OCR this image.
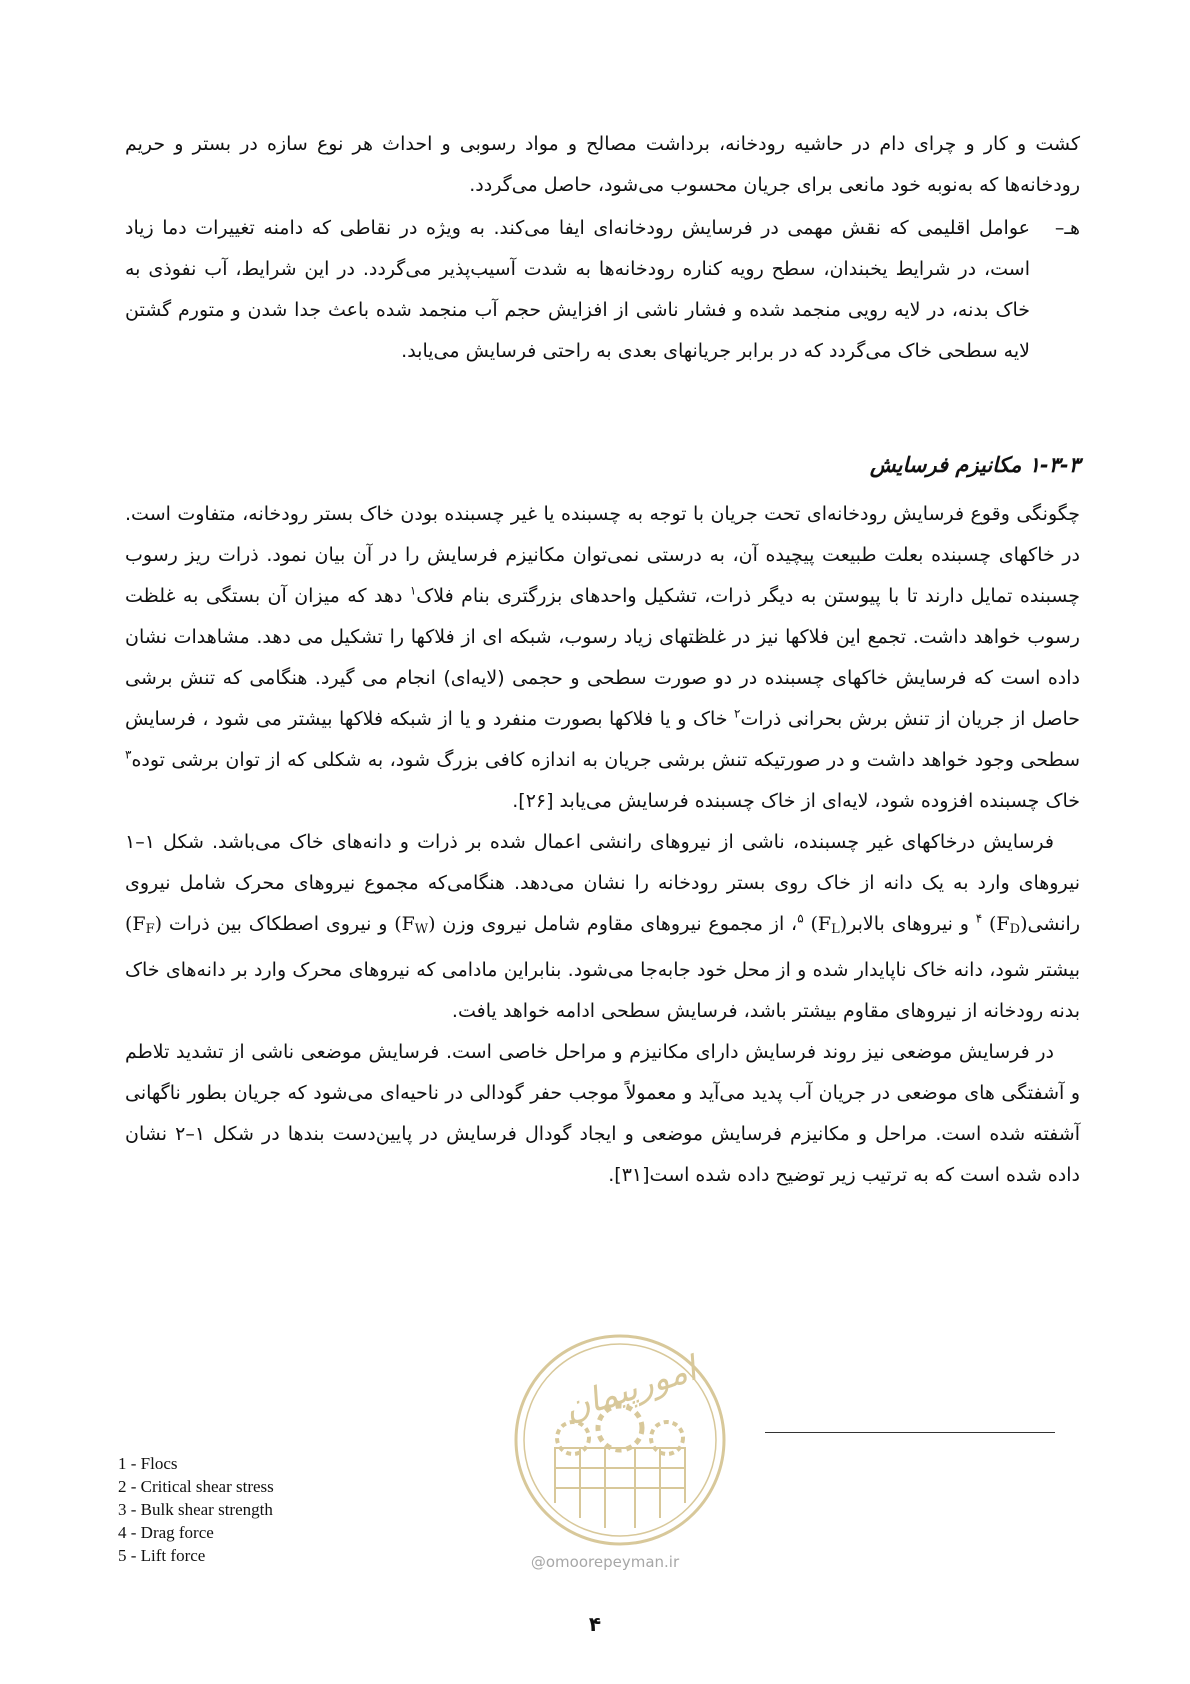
کشت و کار و چرای دام در حاشیه رودخانه، برداشت مصالح و مواد رسوبی و احداث هر نوع سازه در بستر و حریم رودخانه‌ها که به‌نوبه خود مانعی برای جریان محسوب می‌شود، حاصل می‌گردد.

هـ–

عوامل اقلیمی که نقش مهمی در فرسایش رودخانه‌ای ایفا می‌کند. به ویژه در نقاطی که دامنه تغییرات دما زیاد است، در شرایط یخبندان، سطح رویه کناره رودخانه‌ها به شدت آسیب‌پذیر می‌گردد. در این شرایط، آب نفوذی به خاک بدنه، در لایه رویی منجمد شده و فشار ناشی از افزایش حجم آب منجمد شده باعث جدا شدن و متورم گشتن لایه سطحی خاک می‌گردد که در برابر جریانهای بعدی به راحتی فرسایش می‌یابد.

۱-۳-۳ مکانیزم فرسایش

چگونگی وقوع فرسایش رودخانه‌ای تحت جریان با توجه به چسبنده یا غیر چسبنده بودن خاک بستر رودخانه، متفاوت است. در خاکهای چسبنده بعلت طبیعت پیچیده آن، به درستی نمی‌توان مکانیزم فرسایش را در آن بیان نمود. ذرات ریز رسوب چسبنده تمایل دارند تا با پیوستن به دیگر ذرات، تشکیل واحدهای بزرگتری بنام فلاک$^۱$ دهد که میزان آن بستگی به غلظت رسوب خواهد داشت. تجمع این فلاکها نیز در غلظتهای زیاد رسوب، شبکه ای از فلاکها را تشکیل می دهد. مشاهدات نشان داده است که فرسایش خاکهای چسبنده در دو صورت سطحی و حجمی (لایه‌ای) انجام می گیرد. هنگامی که تنش برشی حاصل از جریان از تنش برش بحرانی ذرات$^۲$ خاک و یا فلاکها بصورت منفرد و یا از شبکه فلاکها بیشتر می شود ، فرسایش سطحی وجود خواهد داشت و در صورتیکه تنش برشی جریان به اندازه کافی بزرگ شود، به شکلی که از توان برشی توده$^۳$ خاک چسبنده افزوده شود، لایه‌ای از خاک چسبنده فرسایش می‌یابد [۲۶].

فرسایش درخاکهای غیر چسبنده، ناشی از نیروهای رانشی اعمال شده بر ذرات و دانه‌های خاک می‌باشد. شکل ۱–۱ نیروهای وارد به یک دانه از خاک روی بستر رودخانه را نشان می‌دهد. هنگامی‌که مجموع نیروهای محرک شامل نیروی رانشی$^۴$ $(F_D)$ و نیروهای بالابر$^۵$ $(F_L)،$ از مجموع نیروهای مقاوم شامل نیروی وزن $(F_W)$ و نیروی اصطکاک بین ذرات $(F_F)$ بیشتر شود، دانه خاک ناپایدار شده و از محل خود جابه‌جا می‌شود. بنابراین مادامی که نیروهای محرک وارد بر دانه‌های خاک بدنه رودخانه از نیروهای مقاوم بیشتر باشد، فرسایش سطحی ادامه خواهد یافت.

در فرسایش موضعی نیز روند فرسایش دارای مکانیزم و مراحل خاصی است. فرسایش موضعی ناشی از تشدید تلاطم و آشفتگی های موضعی در جریان آب پدید می‌آید و معمولاً موجب حفر گودالی در ناحیه‌ای می‌شود که جریان بطور ناگهانی آشفته شده است. مراحل و مکانیزم فرسایش موضعی و ایجاد گودال فرسایش در پایین‌دست بندها در شکل ۱–۲ نشان داده شده است که به ترتیب زیر توضیح داده شده است[۳۱].

امورپیمان
@omoorepeyman.ir
1 - Flocs
2 - Critical shear stress
3 - Bulk shear strength
4 - Drag force
5 - Lift force
۴
